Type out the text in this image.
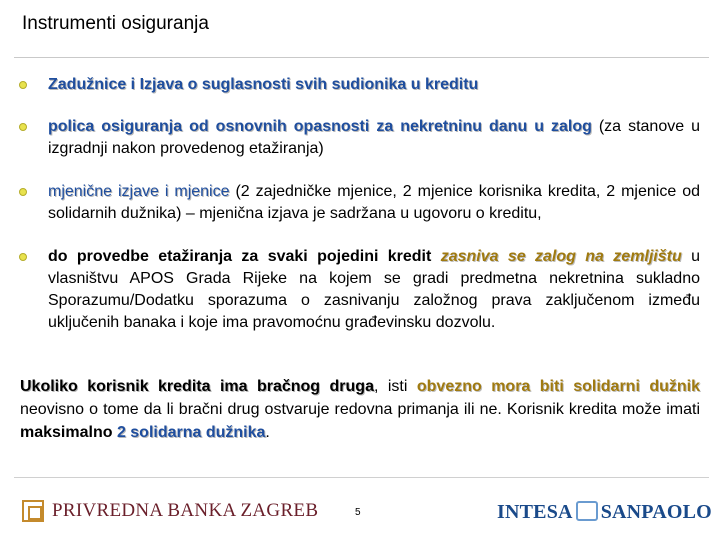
Instrumenti osiguranja
Zadužnice i Izjava o suglasnosti svih sudionika u kreditu
polica osiguranja od osnovnih opasnosti za nekretninu danu u zalog (za stanove u izgradnji nakon provedenog etažiranja)
mjenične izjave i mjenice (2 zajedničke mjenice, 2 mjenice korisnika kredita, 2 mjenice od solidarnih dužnika) – mjenična izjava je sadržana u ugovoru o kreditu,
do provedbe etažiranja za svaki pojedini kredit zasniva se zalog na zemljištu u vlasništvu APOS Grada Rijeke na kojem se gradi predmetna nekretnina sukladno Sporazumu/Dodatku sporazuma o zasnivanju založnog prava zaključenom između uključenih banaka i koje ima pravomoćnu građevinsku dozvolu.
Ukoliko korisnik kredita ima bračnog druga, isti obvezno mora biti solidarni dužnik neovisno o tome da li bračni drug ostvaruje redovna primanja ili ne. Korisnik kredita može imati maksimalno 2 solidarna dužnika.
PRIVREDNA BANKA ZAGREB	5	INTESA SANPAOLO
